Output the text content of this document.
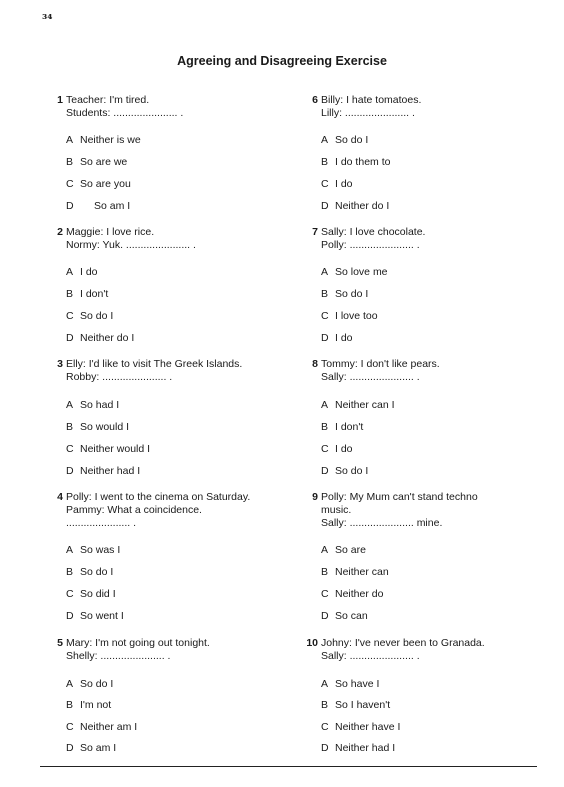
₃₄
Agreeing and Disagreeing Exercise
1 Teacher: I'm tired.
Students: ...................... .
A Neither is we
B So are we
C So are you
D So am I
2 Maggie: I love rice.
Normy: Yuk. ...................... .
A I do
B I don't
C So do I
D Neither do I
3 Elly: I'd like to visit The Greek Islands.
Robby: ...................... .
A So had I
B So would I
C Neither would I
D Neither had I
4 Polly: I went to the cinema on Saturday.
Pammy: What a coincidence.
...................... .
A So was I
B So do I
C So did I
D So went I
5 Mary: I'm not going out tonight.
Shelly: ...................... .
A So do I
B I'm not
C Neither am I
D So am I
6 Billy: I hate tomatoes.
Lilly: ...................... .
A So do I
B I do them to
C I do
D Neither do I
7 Sally: I love chocolate.
Polly: ...................... .
A So love me
B So do I
C I love too
D I do
8 Tommy: I don't like pears.
Sally: ...................... .
A Neither can I
B I don't
C I do
D So do I
9 Polly: My Mum can't stand techno
music.
Sally: ...................... mine.
A So are
B Neither can
C Neither do
D So can
10 Johny: I've never been to Granada.
Sally: ...................... .
A So have I
B So I haven't
C Neither have I
D Neither had I
